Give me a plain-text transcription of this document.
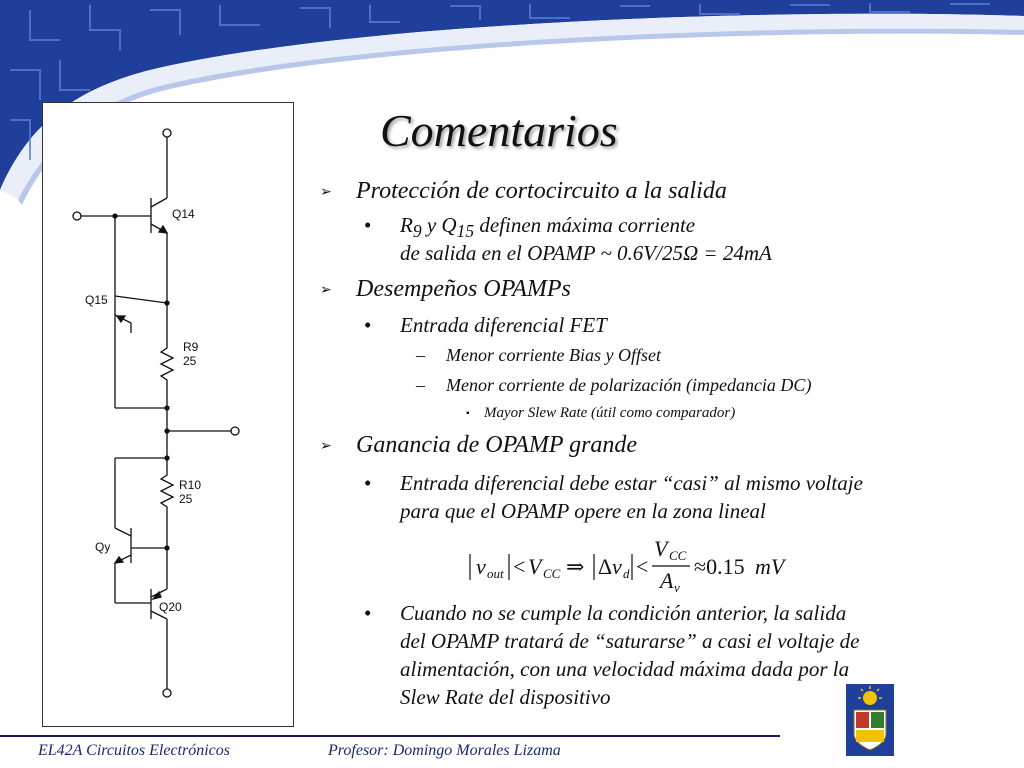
Q14
Q15
R9
25
R10
25
Qy
Q20
Comentarios
➢ Protección de cortocircuito a la salida
• $R_9$ y $Q_{15}$ definen máxima corriente
de salida en el OPAMP ~ 0.6V/25Ω = 24mA
➢ Desempeños OPAMPs
• Entrada diferencial FET
– Menor corriente Bias y Offset
– Menor corriente de polarización (impedancia DC)
▪ Mayor Slew Rate (útil como comparador)
➢ Ganancia de OPAMP grande
• Entrada diferencial debe estar “casi” al mismo voltaje
para que el OPAMP opere en la zona lineal
v out < V CC ⇒ Δ v d <
V CC
A v
≈0.15 mV
• Cuando no se cumple la condición anterior, la salida
del OPAMP tratará de “saturarse” a casi el voltaje de
alimentación, con una velocidad máxima dada por la
Slew Rate del dispositivo
EL42A Circuitos Electrónicos	Profesor: Domingo Morales Lizama
